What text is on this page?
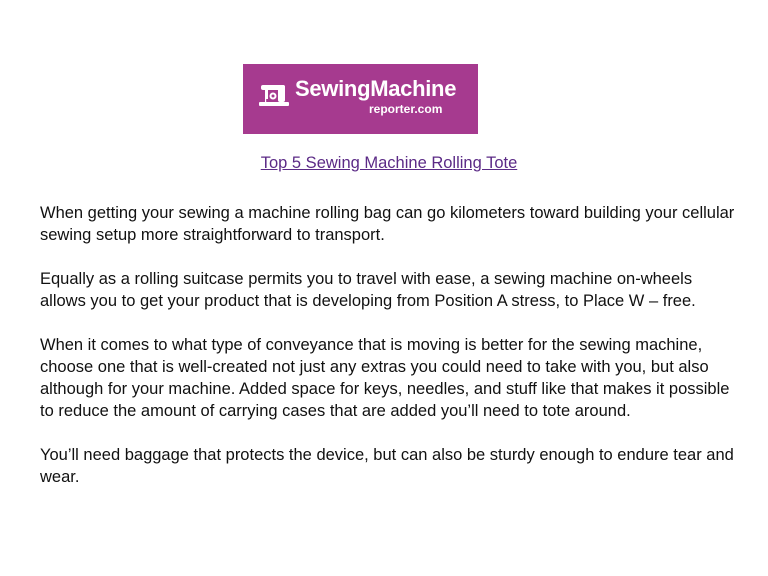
SewingMachine
reporter.com
Top 5 Sewing Machine Rolling Tote

When getting your sewing a machine rolling bag can go kilometers toward building your cellular sewing setup more straightforward to transport.

Equally as a rolling suitcase permits you to travel with ease, a sewing machine on-wheels allows you to get your product that is developing from Position A stress, to Place W – free.

When it comes to what type of conveyance that is moving is better for the sewing machine, choose one that is well-created not just any extras you could need to take with you, but also although for your machine. Added space for keys, needles, and stuff like that makes it possible to reduce the amount of carrying cases that are added you’ll need to tote around.

You’ll need baggage that protects the device, but can also be sturdy enough to endure tear and wear.
